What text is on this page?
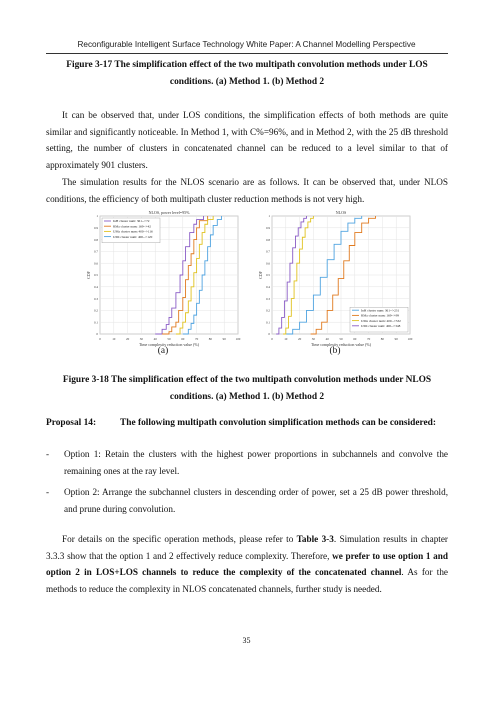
Reconfigurable Intelligent Surface Technology White Paper: A Channel Modelling Perspective
Figure 3-17 The simplification effect of the two multipath convolution methods under LOS
conditions. (a) Method 1. (b) Method 2
It can be observed that, under LOS conditions, the simplification effects of both methods are quite similar and significantly noticeable. In Method 1, with C%=96%, and in Method 2, with the 25 dB threshold setting, the number of clusters in concatenated channel can be reduced to a level similar to that of approximately 901 clusters.
The simulation results for the NLOS scenario are as follows. It can be observed that, under NLOS conditions, the efficiency of both multipath cluster reduction methods is not very high.
0	10	20	30	40	50	60	70	80	90	100
0
0.1
0.2
0.3
0.4
0.5
0.6
0.7
0.8
0.9
1
Time complexity reduction value (%)
CDF
NLOS, power level=95%
InH cluster num: 361-->72
RMa cluster num: 169-->42
UMa cluster num: 400-->116
UMi cluster num: 400-->120
0	10	20	30	40	50	60	70	80	90	100
0
0.1
0.2
0.3
0.4
0.5
0.6
0.7
0.8
0.9
1
Time complexity reduction value (%)
CDF
NLOS
InH cluster num: 361-->231
RMa cluster num: 169-->99
UMa cluster num: 400-->332
UMi cluster num: 400-->348
(a)	(b)
Figure 3-18 The simplification effect of the two multipath convolution methods under NLOS
conditions. (a) Method 1. (b) Method 2
Proposal 14:	The following multipath convolution simplification methods can be considered:
- Option 1: Retain the clusters with the highest power proportions in subchannels and convolve the remaining ones at the ray level.
- Option 2: Arrange the subchannel clusters in descending order of power, set a 25 dB power threshold, and prune during convolution.
For details on the specific operation methods, please refer to Table 3-3. Simulation results in chapter 3.3.3 show that the option 1 and 2 effectively reduce complexity. Therefore, we prefer to use option 1 and option 2 in LOS+LOS channels to reduce the complexity of the concatenated channel. As for the methods to reduce the complexity in NLOS concatenated channels, further study is needed.
35
